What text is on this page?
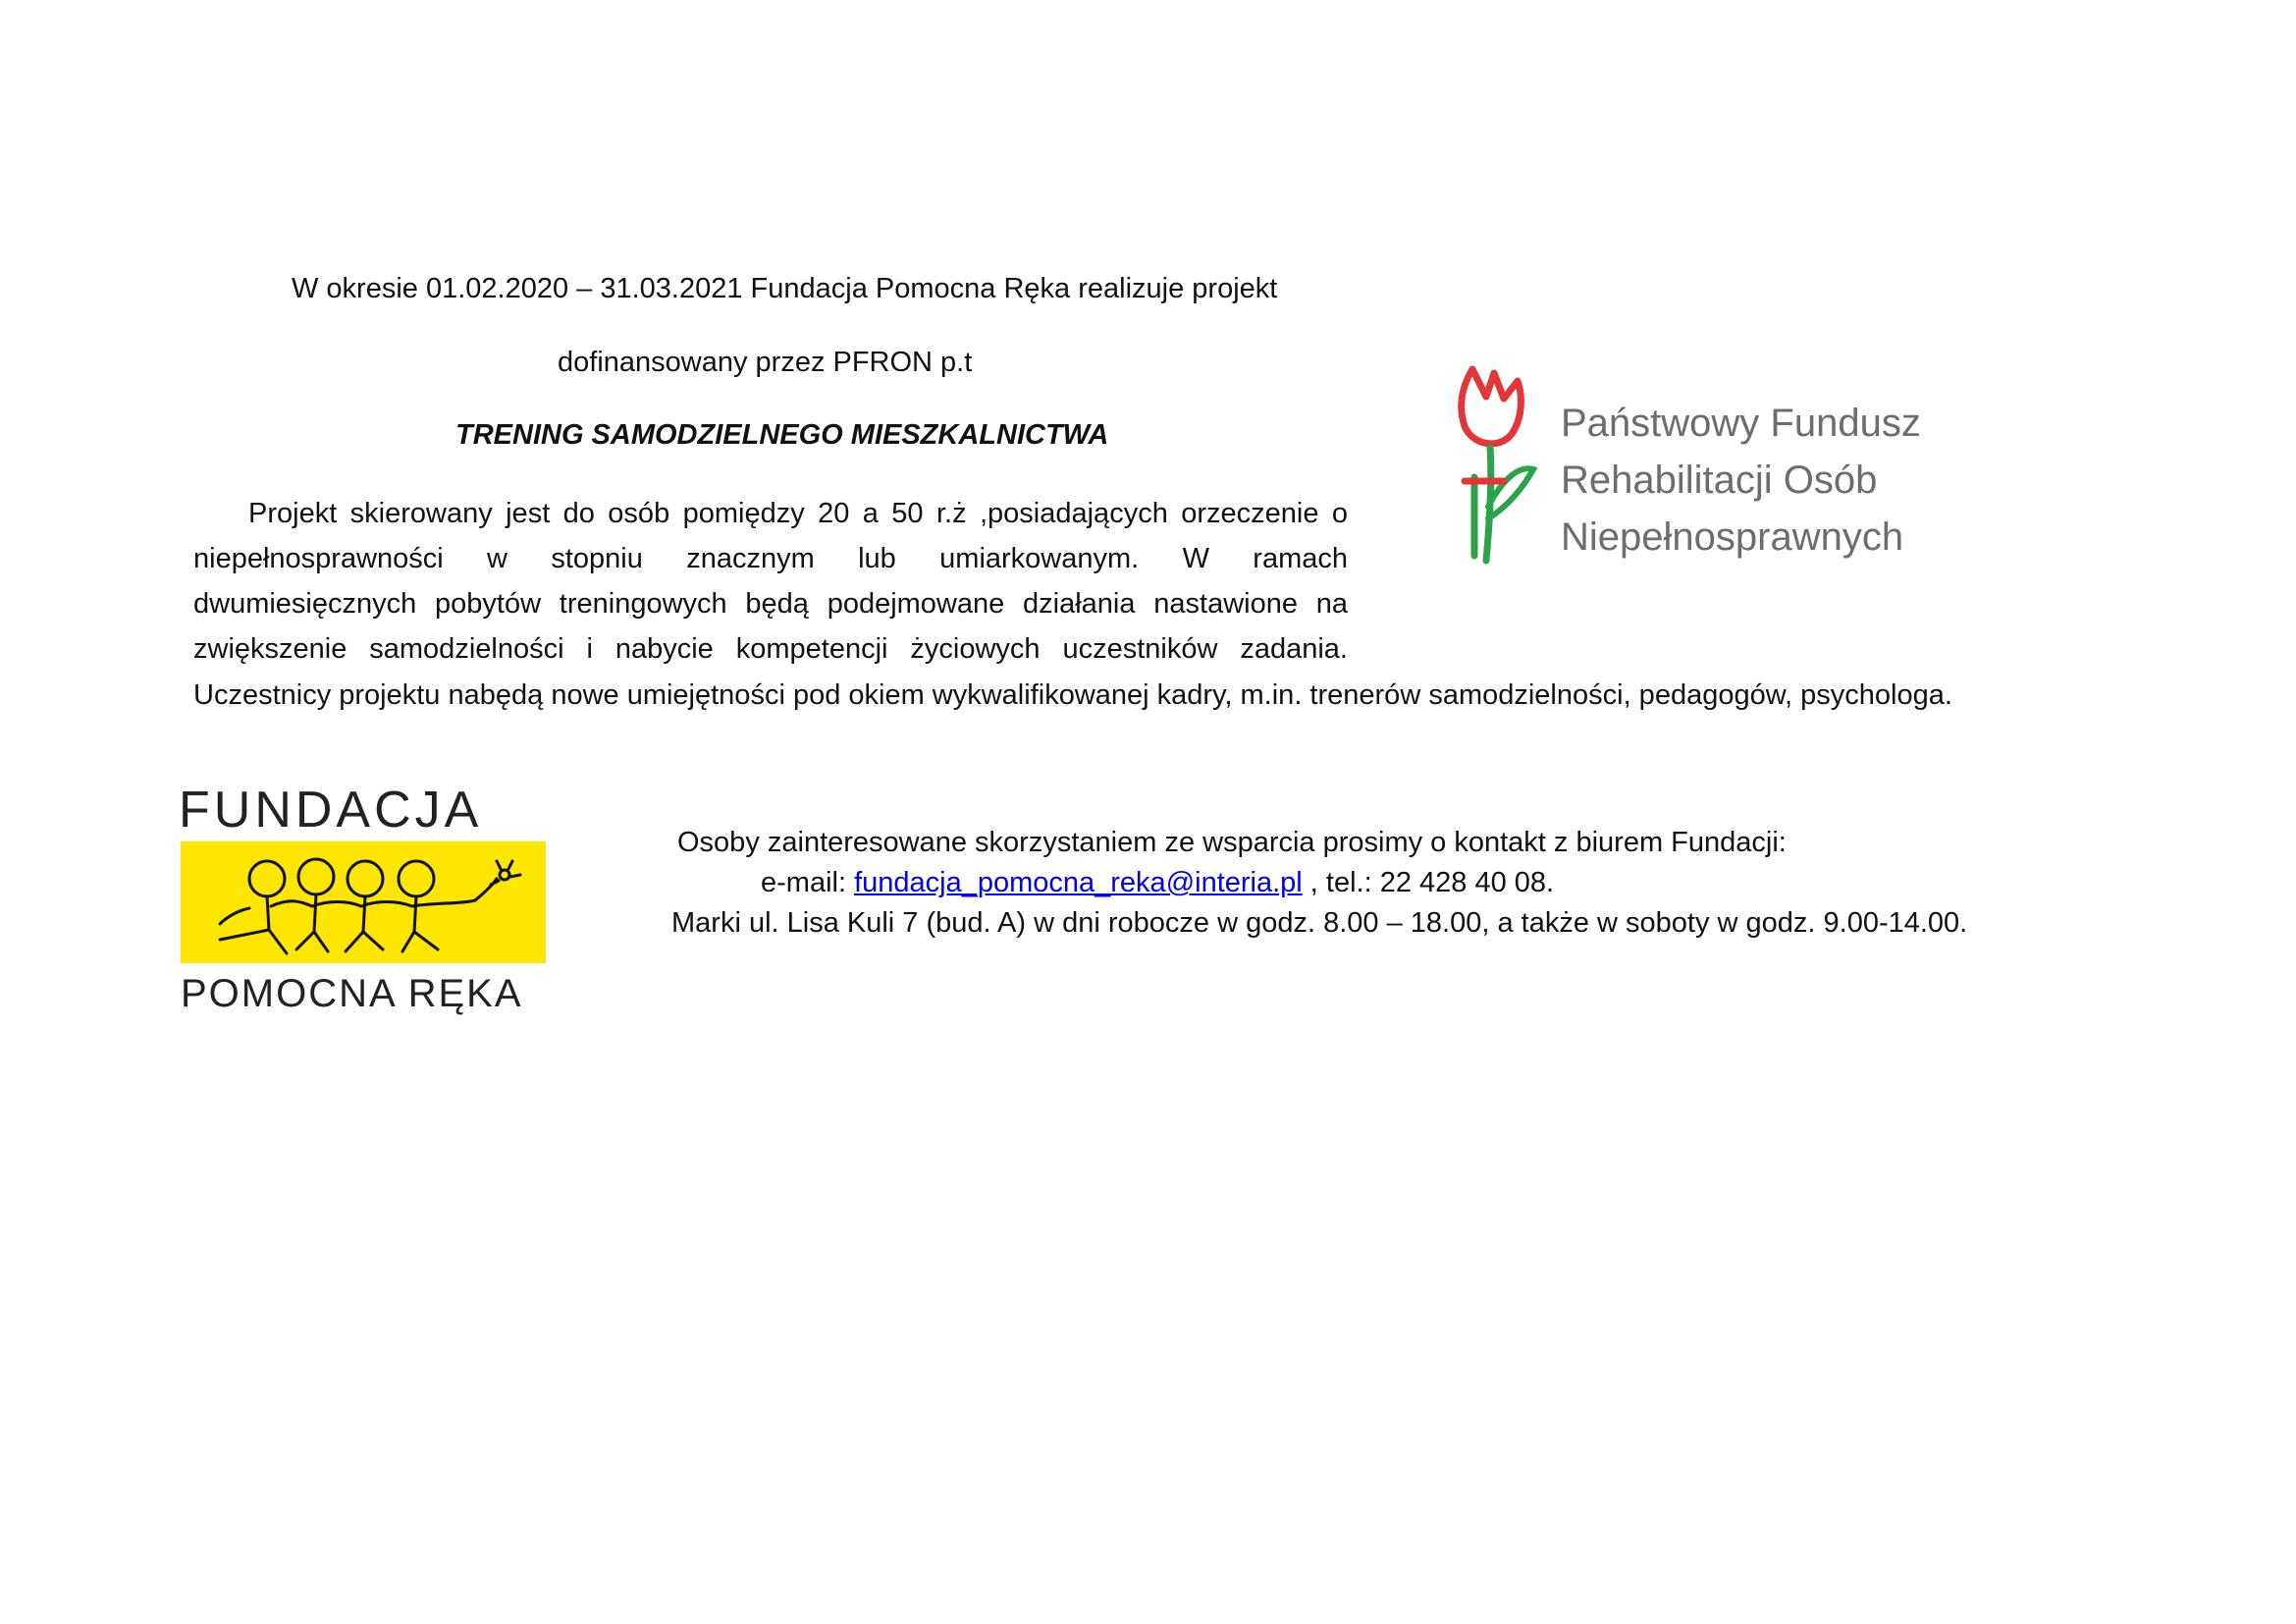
W okresie 01.02.2020 – 31.03.2021 Fundacja Pomocna Ręka realizuje projekt
dofinansowany przez PFRON p.t
TRENING SAMODZIELNEGO MIESZKALNICTWA
Projekt skierowany jest do osób pomiędzy 20 a 50 r.ż ,posiadających orzeczenie o
niepełnosprawności w stopniu znacznym lub umiarkowanym. W ramach
dwumiesięcznych pobytów treningowych będą podejmowane działania nastawione na
zwiększenie samodzielności i nabycie kompetencji życiowych uczestników zadania.
Uczestnicy projektu nabędą nowe umiejętności pod okiem wykwalifikowanej kadry, m.in. trenerów samodzielności, pedagogów, psychologa.
Państwowy Fundusz
Rehabilitacji Osób
Niepełnosprawnych
FUNDACJA
POMOCNA RĘKA
Osoby zainteresowane skorzystaniem ze wsparcia prosimy o kontakt z biurem Fundacji:
e-mail: fundacja_pomocna_reka@interia.pl , tel.: 22 428 40 08.
Marki ul. Lisa Kuli 7 (bud. A) w dni robocze w godz. 8.00 – 18.00, a także w soboty w godz. 9.00-14.00.
